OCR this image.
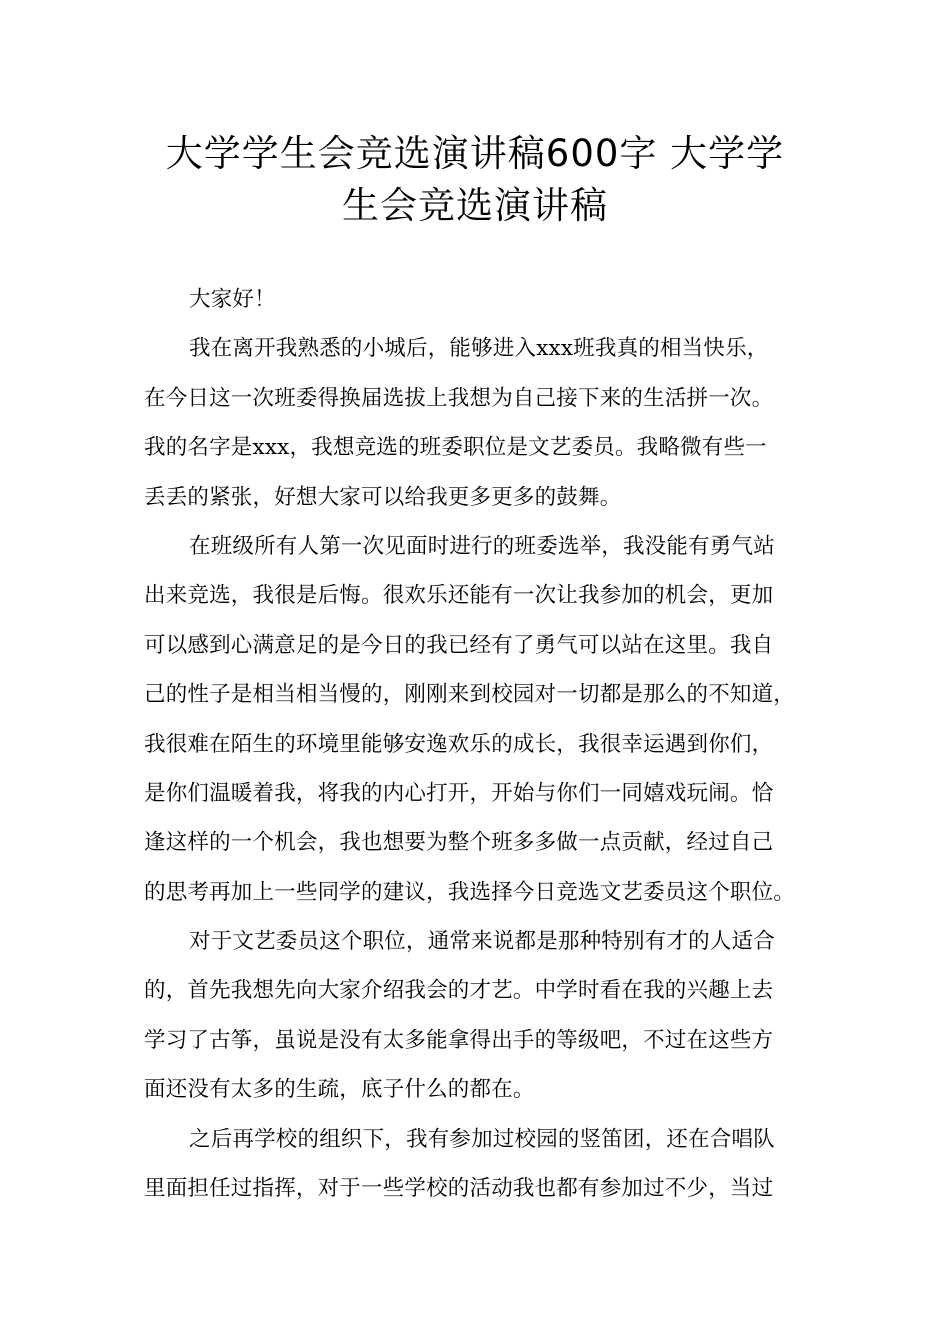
大学学生会竞选演讲稿600字 大学学
生会竞选演讲稿
大家好！
我在离开我熟悉的小城后，能够进入xxx班我真的相当快乐，
在今日这一次班委得换届选拔上我想为自己接下来的生活拼一次。
我的名字是xxx，我想竞选的班委职位是文艺委员。我略微有些一
丢丢的紧张，好想大家可以给我更多更多的鼓舞。
在班级所有人第一次见面时进行的班委选举，我没能有勇气站
出来竞选，我很是后悔。很欢乐还能有一次让我参加的机会，更加
可以感到心满意足的是今日的我已经有了勇气可以站在这里。我自
己的性子是相当相当慢的，刚刚来到校园对一切都是那么的不知道，
我很难在陌生的环境里能够安逸欢乐的成长，我很幸运遇到你们，
是你们温暖着我，将我的内心打开，开始与你们一同嬉戏玩闹。恰
逢这样的一个机会，我也想要为整个班多多做一点贡献，经过自己
的思考再加上一些同学的建议，我选择今日竞选文艺委员这个职位。
对于文艺委员这个职位，通常来说都是那种特别有才的人适合
的，首先我想先向大家介绍我会的才艺。中学时看在我的兴趣上去
学习了古筝，虽说是没有太多能拿得出手的等级吧，不过在这些方
面还没有太多的生疏，底子什么的都在。
之后再学校的组织下，我有参加过校园的竖笛团，还在合唱队
里面担任过指挥，对于一些学校的活动我也都有参加过不少，当过
